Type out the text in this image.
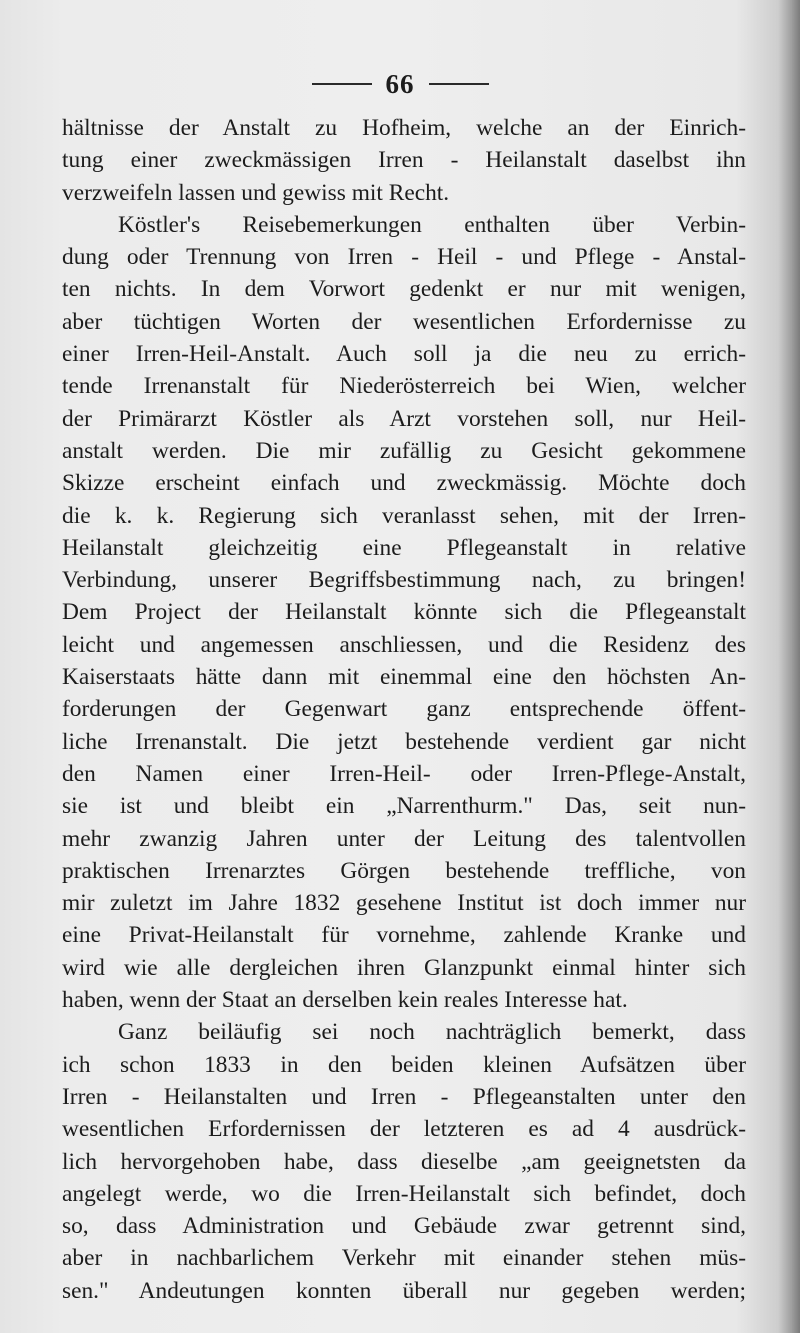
66
hältnisse der Anstalt zu Hofheim, welche an der Einrich-
tung einer zweckmässigen Irren - Heilanstalt daselbst ihn
verzweifeln lassen und gewiss mit Recht.
Köstler's Reisebemerkungen enthalten über Verbin-
dung oder Trennung von Irren - Heil - und Pflege - Anstal-
ten nichts. In dem Vorwort gedenkt er nur mit wenigen,
aber tüchtigen Worten der wesentlichen Erfordernisse zu
einer Irren-Heil-Anstalt. Auch soll ja die neu zu errich-
tende Irrenanstalt für Niederösterreich bei Wien, welcher
der Primärarzt Köstler als Arzt vorstehen soll, nur Heil-
anstalt werden. Die mir zufällig zu Gesicht gekommene
Skizze erscheint einfach und zweckmässig. Möchte doch
die k. k. Regierung sich veranlasst sehen, mit der Irren-
Heilanstalt gleichzeitig eine Pflegeanstalt in relative
Verbindung, unserer Begriffsbestimmung nach, zu bringen!
Dem Project der Heilanstalt könnte sich die Pflegeanstalt
leicht und angemessen anschliessen, und die Residenz des
Kaiserstaats hätte dann mit einemmal eine den höchsten An-
forderungen der Gegenwart ganz entsprechende öffent-
liche Irrenanstalt. Die jetzt bestehende verdient gar nicht
den Namen einer Irren-Heil- oder Irren-Pflege-Anstalt,
sie ist und bleibt ein „Narrenthurm." Das, seit nun-
mehr zwanzig Jahren unter der Leitung des talentvollen
praktischen Irrenarztes Görgen bestehende treffliche, von
mir zuletzt im Jahre 1832 gesehene Institut ist doch immer nur
eine Privat-Heilanstalt für vornehme, zahlende Kranke und
wird wie alle dergleichen ihren Glanzpunkt einmal hinter sich
haben, wenn der Staat an derselben kein reales Interesse hat.
Ganz beiläufig sei noch nachträglich bemerkt, dass
ich schon 1833 in den beiden kleinen Aufsätzen über
Irren - Heilanstalten und Irren - Pflegeanstalten unter den
wesentlichen Erfordernissen der letzteren es ad 4 ausdrück-
lich hervorgehoben habe, dass dieselbe „am geeignetsten da
angelegt werde, wo die Irren-Heilanstalt sich befindet, doch
so, dass Administration und Gebäude zwar getrennt sind,
aber in nachbarlichem Verkehr mit einander stehen müs-
sen." Andeutungen konnten überall nur gegeben werden;
